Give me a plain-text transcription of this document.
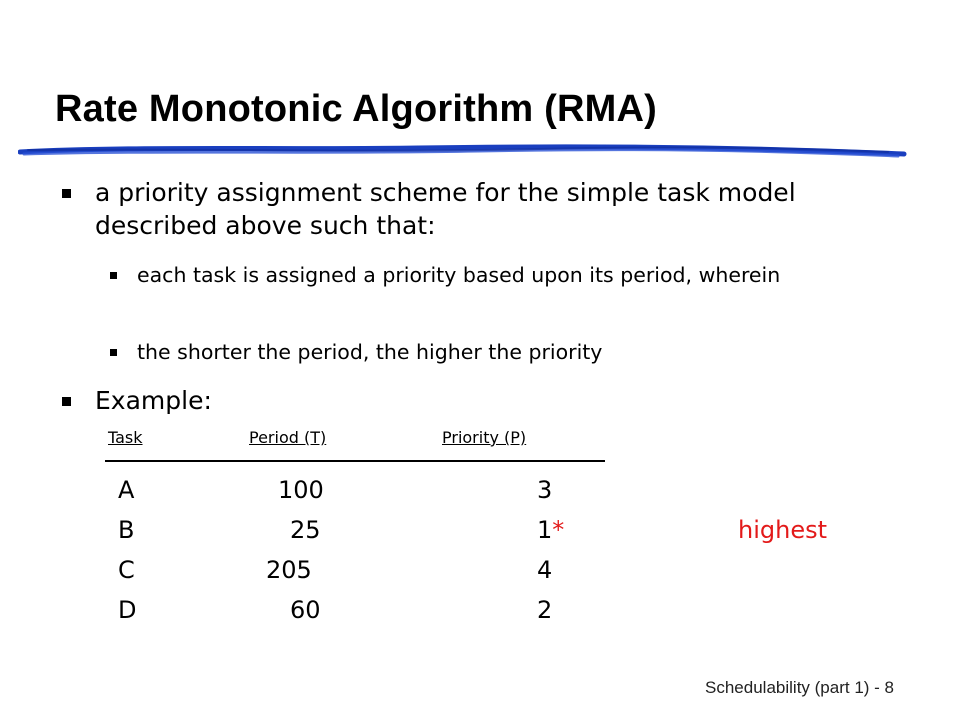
Rate Monotonic Algorithm (RMA)
a priority assignment scheme for the simple task model described above such that:
each task is assigned a priority based upon its period, wherein
the shorter the period, the higher the priority
Example:
Task	Period (T)	Priority (P)
A	100	3
B	25	1*	highest
C	205	4
D	60	2
Schedulability (part 1) - 8
